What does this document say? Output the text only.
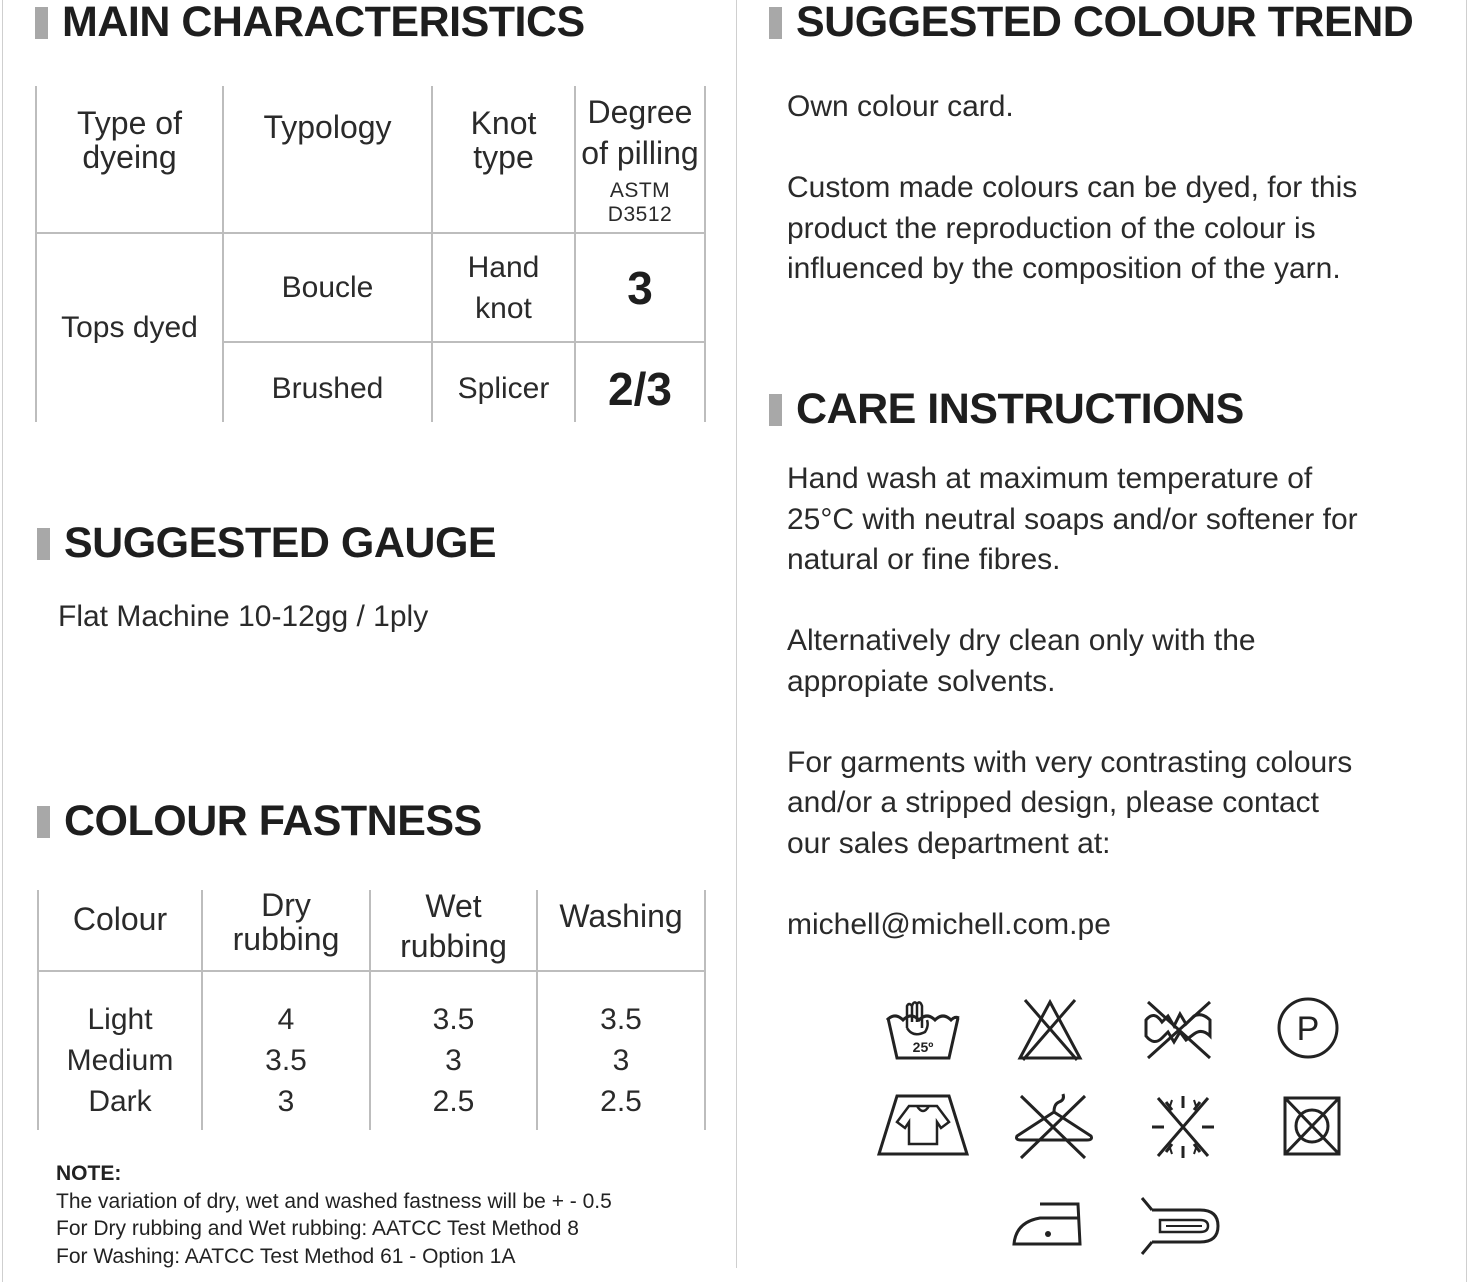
MAIN CHARACTERISTICS
Type of
dyeing
Typology Knot
type
Degree
of pilling
ASTM D3512
Tops dyed
Boucle
Hand
knot 3
Brushed Splicer 2/3
SUGGESTED GAUGE
Flat Machine 10-12gg / 1ply
COLOUR FASTNESS
Colour	Dry
rubbing
Wet
rubbing
Washing
Light
Medium
Dark
4
3.5
3
3.5
3
2.5
3.5
3
2.5
NOTE:
The variation of dry, wet and washed fastness will be + - 0.5
For Dry rubbing and Wet rubbing: AATCC Test Method 8
For Washing: AATCC Test Method 61 - Option 1A
SUGGESTED COLOUR TREND

Own colour card.

Custom made colours can be dyed, for this
product the reproduction of the colour is
influenced by the composition of the yarn.

CARE INSTRUCTIONS

Hand wash at maximum temperature of
25°C with neutral soaps and/or softener for
natural or fine fibres.

Alternatively dry clean only with the
appropiate solvents.

For garments with very contrasting colours
and/or a stripped design, please contact
our sales department at:

michell@michell.com.pe

25º	P
